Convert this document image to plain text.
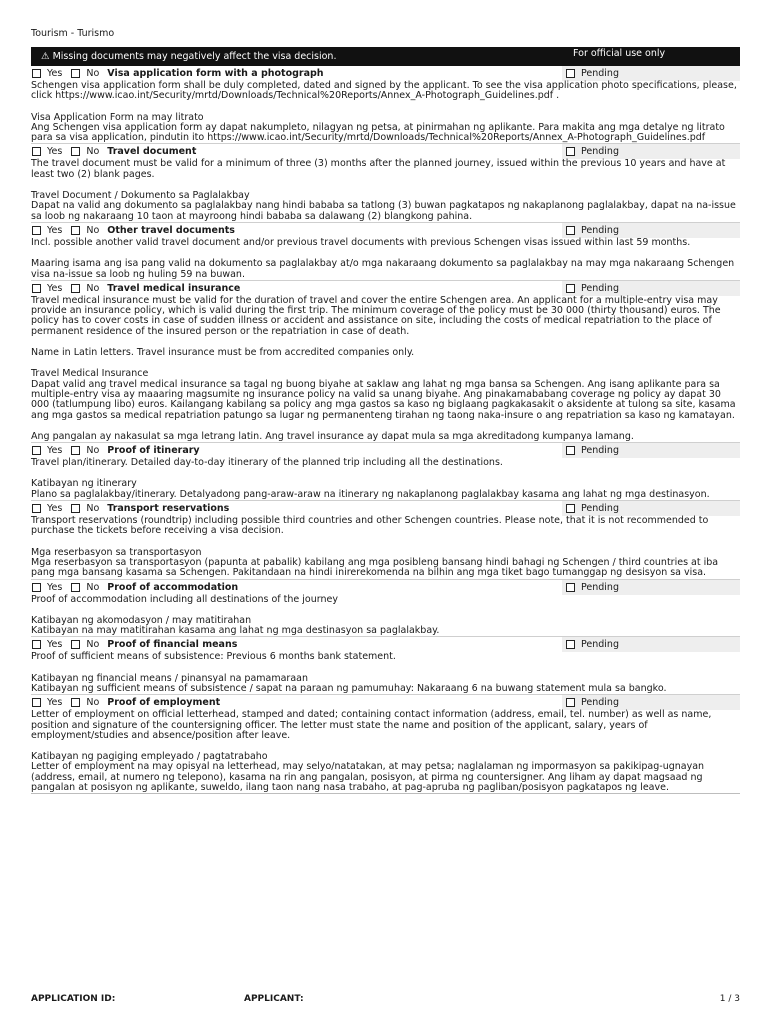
Tourism - Turismo
⚠ Missing documents may negatively affect the visa decision.	For official use only
Yes	No Visa application form with a photograph	Pending
Schengen visa application form shall be duly completed, dated and signed by the applicant. To see the visa application photo specifications, please, click https://www.icao.int/Security/mrtd/Downloads/Technical%20Reports/Annex_A-Photograph_Guidelines.pdf .
Visa Application Form na may litrato
Ang Schengen visa application form ay dapat nakumpleto, nilagyan ng petsa, at pinirmahan ng aplikante. Para makita ang mga detalye ng litrato para sa visa application, pindutin ito https://www.icao.int/Security/mrtd/Downloads/Technical%20Reports/Annex_A-Photograph_Guidelines.pdf
Yes	No Travel document	Pending
The travel document must be valid for a minimum of three (3) months after the planned journey, issued within the previous 10 years and have at least two (2) blank pages.
Travel Document / Dokumento sa Paglalakbay
Dapat na valid ang dokumento sa paglalakbay nang hindi bababa sa tatlong (3) buwan pagkatapos ng nakaplanong paglalakbay, dapat na na-issue sa loob ng nakaraang 10 taon at mayroong hindi bababa sa dalawang (2) blangkong pahina.
Yes	No Other travel documents	Pending
Incl. possible another valid travel document and/or previous travel documents with previous Schengen visas issued within last 59 months.
Maaring isama ang isa pang valid na dokumento sa paglalakbay at/o mga nakaraang dokumento sa paglalakbay na may mga nakaraang Schengen visa na-issue sa loob ng huling 59 na buwan.
Yes	No Travel medical insurance	Pending
Travel medical insurance must be valid for the duration of travel and cover the entire Schengen area. An applicant for a multiple-entry visa may provide an insurance policy, which is valid during the first trip. The minimum coverage of the policy must be 30 000 (thirty thousand) euros. The policy has to cover costs in case of sudden illness or accident and assistance on site, including the costs of medical repatriation to the place of permanent residence of the insured person or the repatriation in case of death.
Name in Latin letters. Travel insurance must be from accredited companies only.
Travel Medical Insurance
Dapat valid ang travel medical insurance sa tagal ng buong biyahe at saklaw ang lahat ng mga bansa sa Schengen. Ang isang aplikante para sa multiple-entry visa ay maaaring magsumite ng insurance policy na valid sa unang biyahe. Ang pinakamababang coverage ng policy ay dapat 30 000 (tatlumpung libo) euros. Kailangang kabilang sa policy ang mga gastos sa kaso ng biglaang pagkakasakit o aksidente at tulong sa site, kasama ang mga gastos sa medical repatriation patungo sa lugar ng permanenteng tirahan ng taong naka-insure o ang repatriation sa kaso ng kamatayan.
Ang pangalan ay nakasulat sa mga letrang latin. Ang travel insurance ay dapat mula sa mga akreditadong kumpanya lamang.
Yes	No Proof of itinerary	Pending
Travel plan/itinerary. Detailed day-to-day itinerary of the planned trip including all the destinations.
Katibayan ng itinerary
Plano sa paglalakbay/itinerary. Detalyadong pang-araw-araw na itinerary ng nakaplanong paglalakbay kasama ang lahat ng mga destinasyon.
Yes	No Transport reservations	Pending
Transport reservations (roundtrip) including possible third countries and other Schengen countries. Please note, that it is not recommended to purchase the tickets before receiving a visa decision.
Mga reserbasyon sa transportasyon
Mga reserbasyon sa transportasyon (papunta at pabalik) kabilang ang mga posibleng bansang hindi bahagi ng Schengen / third countries at iba pang mga bansang kasama sa Schengen. Pakitandaan na hindi inirerekomenda na bilhin ang mga tiket bago tumanggap ng desisyon sa visa.
Yes	No Proof of accommodation	Pending
Proof of accommodation including all destinations of the journey
Katibayan ng akomodasyon / may matitirahan
Katibayan na may matitirahan kasama ang lahat ng mga destinasyon sa paglalakbay.
Yes	No Proof of financial means	Pending
Proof of sufficient means of subsistence: Previous 6 months bank statement.
Katibayan ng financial means / pinansyal na pamamaraan
Katibayan ng sufficient means of subsistence / sapat na paraan ng pamumuhay: Nakaraang 6 na buwang statement mula sa bangko.
Yes	No Proof of employment	Pending
Letter of employment on official letterhead, stamped and dated; containing contact information (address, email, tel. number) as well as name, position and signature of the countersigning officer. The letter must state the name and position of the applicant, salary, years of employment/studies and absence/position after leave.
Katibayan ng pagiging empleyado / pagtatrabaho
Letter of employment na may opisyal na letterhead, may selyo/natatakan, at may petsa; naglalaman ng impormasyon sa pakikipag-ugnayan (address, email, at numero ng telepono), kasama na rin ang pangalan, posisyon, at pirma ng countersigner. Ang liham ay dapat magsaad ng pangalan at posisyon ng aplikante, suweldo, ilang taon nang nasa trabaho, at pag-apruba ng pagliban/posisyon pagkatapos ng leave.
APPLICATION ID:	APPLICANT:	1 / 3
